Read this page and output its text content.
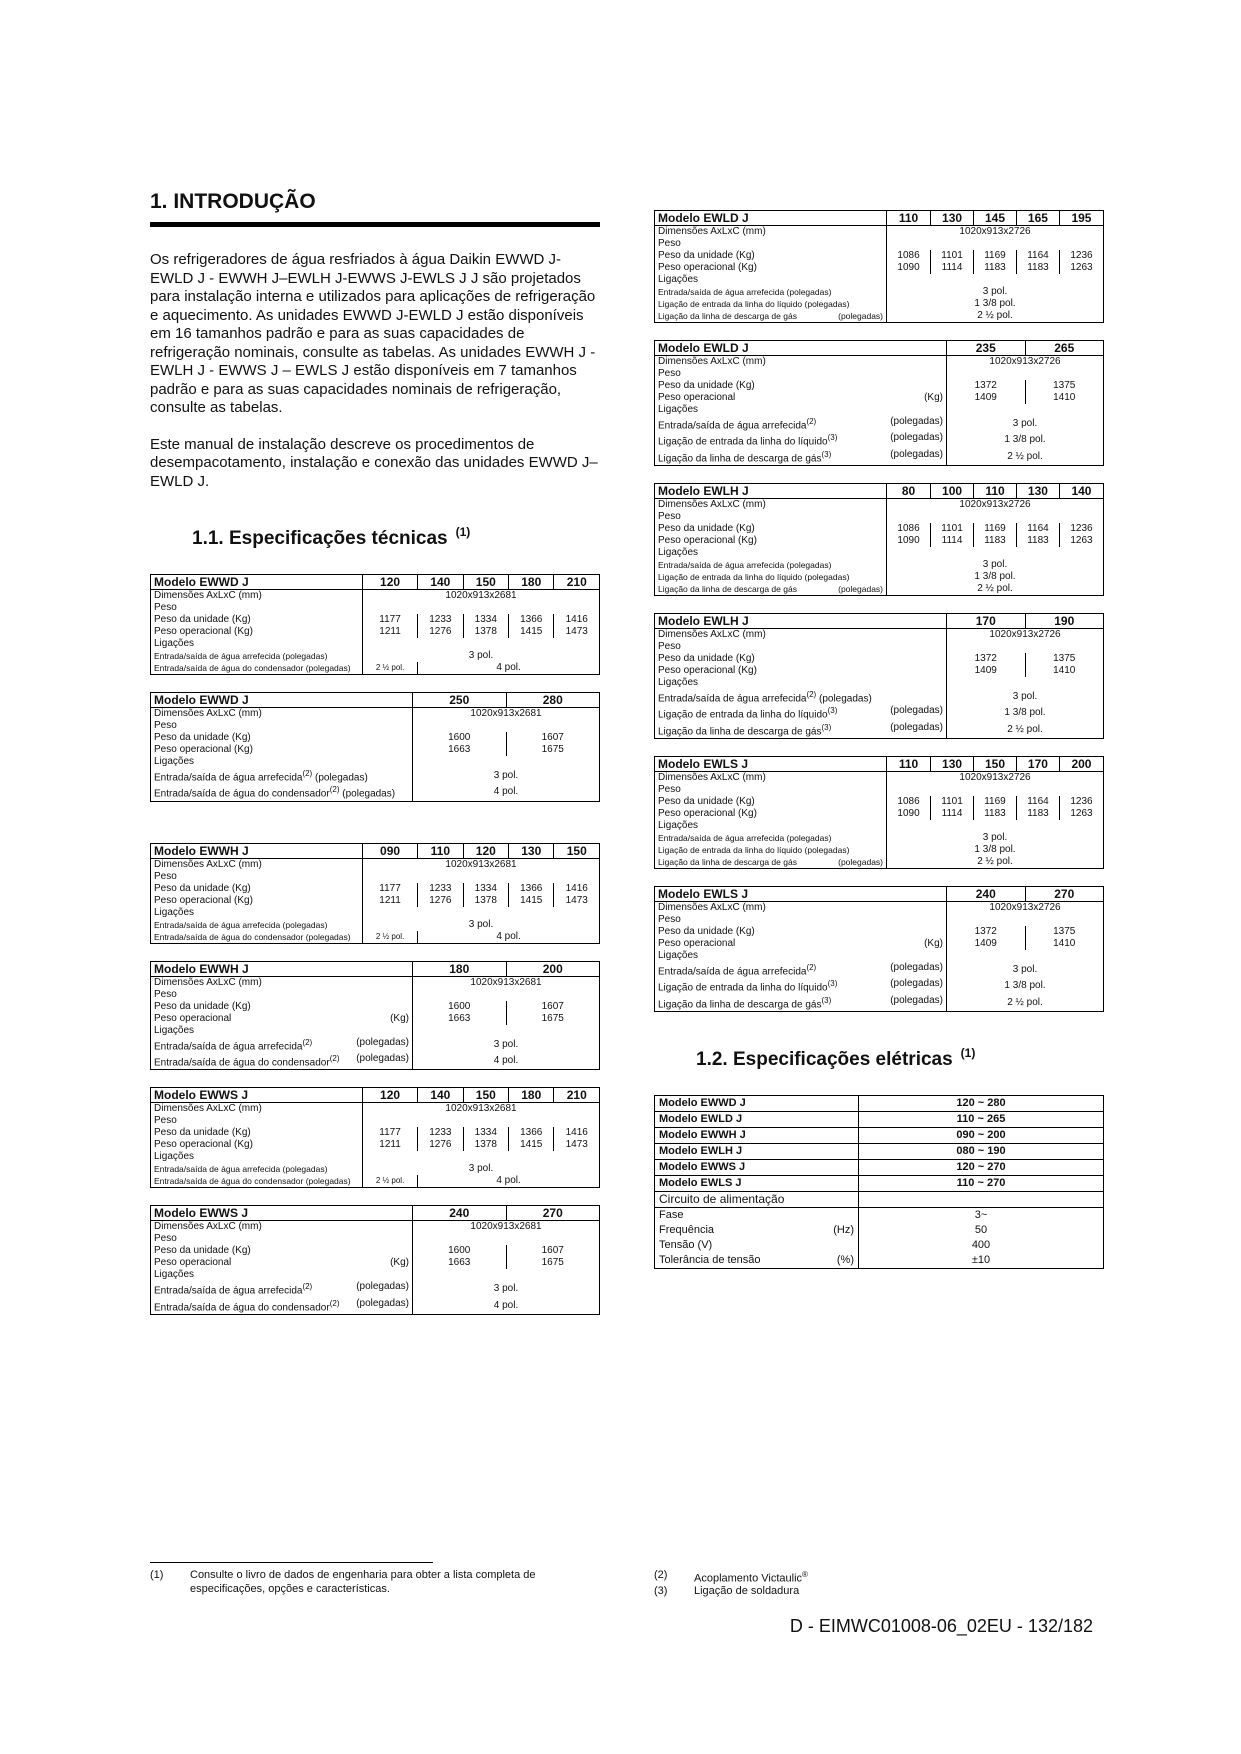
1. INTRODUÇÃO

Os refrigeradores de água resfriados à água Daikin EWWD J-EWLD J - EWWH J–EWLH J-EWWS J-EWLS J J são projetados para instalação interna e utilizados para aplicações de refrigeração e aquecimento. As unidades EWWD J-EWLD J estão disponíveis em 16 tamanhos padrão e para as suas capacidades de refrigeração nominais, consulte as tabelas. As unidades EWWH J - EWLH J - EWWS J – EWLS J estão disponíveis em 7 tamanhos padrão e para as suas capacidades nominais de refrigeração, consulte as tabelas.

Este manual de instalação descreve os procedimentos de desempacotamento, instalação e conexão das unidades EWWD J–EWLD J.

1.1. Especificações técnicas $^{(1)}$
Modelo EWWD J	120	140	150	180	210
Dimensões AxLxC (mm)	1020x913x2681				
Peso					
Peso da unidade (Kg)	1177	1233	1334	1366	1416
Peso operacional (Kg)	1211	1276	1378	1415	1473
Ligações					
Entrada/saída de água arrefecida (polegadas)	3 pol.				
Entrada/saída de água do condensador (polegadas)	2 ½ pol.	4 pol.			
Modelo EWWD J	250	280
Dimensões AxLxC (mm)	1020x913x2681	
Peso		
Peso da unidade (Kg)	1600	1607
Peso operacional (Kg)	1663	1675
Ligações		
Entrada/saída de água arrefecida$^{(2)}$ (polegadas)	3 pol.	
Entrada/saída de água do condensador$^{(2)}$ (polegadas)	4 pol.	
Modelo EWWH J	090	110	120	130	150
Dimensões AxLxC (mm)	1020x913x2681				
Peso					
Peso da unidade (Kg)	1177	1233	1334	1366	1416
Peso operacional (Kg)	1211	1276	1378	1415	1473
Ligações					
Entrada/saída de água arrefecida (polegadas)	3 pol.				
Entrada/saída de água do condensador (polegadas)	2 ½ pol.	4 pol.			
Modelo EWWH J	180	200
Dimensões AxLxC (mm)	1020x913x2681	
Peso		
Peso da unidade (Kg)	1600	1607
Peso operacional (Kg)	1663	1675
Ligações		
Entrada/saída de água arrefecida$^{(2)}$ (polegadas)	3 pol.	
Entrada/saída de água do condensador$^{(2)}$ (polegadas)	4 pol.	
Modelo EWWS J	120	140	150	180	210
Dimensões AxLxC (mm)	1020x913x2681				
Peso					
Peso da unidade (Kg)	1177	1233	1334	1366	1416
Peso operacional (Kg)	1211	1276	1378	1415	1473
Ligações					
Entrada/saída de água arrefecida (polegadas)	3 pol.				
Entrada/saída de água do condensador (polegadas)	2 ½ pol.	4 pol.			
Modelo EWWS J	240	270
Dimensões AxLxC (mm)	1020x913x2681	
Peso		
Peso da unidade (Kg)	1600	1607
Peso operacional (Kg)	1663	1675
Ligações		
Entrada/saída de água arrefecida$^{(2)}$ (polegadas)	3 pol.	
Entrada/saída de água do condensador$^{(2)}$ (polegadas)	4 pol.	
Modelo EWLD J	110	130	145	165	195
Dimensões AxLxC (mm)	1020x913x2726				
Peso					
Peso da unidade (Kg)	1086	1101	1169	1164	1236
Peso operacional (Kg)	1090	1114	1183	1183	1263
Ligações					
Entrada/saída de água arrefecida (polegadas)	3 pol.				
Ligação de entrada da linha do líquido (polegadas)	1 3/8 pol.				
Ligação da linha de descarga de gás (polegadas)	2 ½ pol.				
Modelo EWLD J	235	265
Dimensões AxLxC (mm)	1020x913x2726	
Peso		
Peso da unidade (Kg)	1372	1375
Peso operacional (Kg)	1409	1410
Ligações		
Entrada/saída de água arrefecida$^{(2)}$ (polegadas)	3 pol.	
Ligação de entrada da linha do líquido$^{(3)}$ (polegadas)	1 3/8 pol.	
Ligação da linha de descarga de gás$^{(3)}$ (polegadas)	2 ½ pol.	
Modelo EWLH J	80	100	110	130	140
Dimensões AxLxC (mm)	1020x913x2726				
Peso					
Peso da unidade (Kg)	1086	1101	1169	1164	1236
Peso operacional (Kg)	1090	1114	1183	1183	1263
Ligações					
Entrada/saída de água arrefecida (polegadas)	3 pol.				
Ligação de entrada da linha do líquido (polegadas)	1 3/8 pol.				
Ligação da linha de descarga de gás (polegadas)	2 ½ pol.				
Modelo EWLH J	170	190
Dimensões AxLxC (mm)	1020x913x2726	
Peso		
Peso da unidade (Kg)	1372	1375
Peso operacional (Kg)	1409	1410
Ligações		
Entrada/saída de água arrefecida$^{(2)}$ (polegadas)	3 pol.	
Ligação de entrada da linha do líquido$^{(3)}$ (polegadas)	1 3/8 pol.	
Ligação da linha de descarga de gás$^{(3)}$ (polegadas)	2 ½ pol.	
Modelo EWLS J	110	130	150	170	200
Dimensões AxLxC (mm)	1020x913x2726				
Peso					
Peso da unidade (Kg)	1086	1101	1169	1164	1236
Peso operacional (Kg)	1090	1114	1183	1183	1263
Ligações					
Entrada/saída de água arrefecida (polegadas)	3 pol.				
Ligação de entrada da linha do líquido (polegadas)	1 3/8 pol.				
Ligação da linha de descarga de gás (polegadas)	2 ½ pol.				
Modelo EWLS J	240	270
Dimensões AxLxC (mm)	1020x913x2726	
Peso		
Peso da unidade (Kg)	1372	1375
Peso operacional (Kg)	1409	1410
Ligações		
Entrada/saída de água arrefecida$^{(2)}$ (polegadas)	3 pol.	
Ligação de entrada da linha do líquido$^{(3)}$ (polegadas)	1 3/8 pol.	
Ligação da linha de descarga de gás$^{(3)}$ (polegadas)	2 ½ pol.	
1.2. Especificações elétricas $^{(1)}$
Modelo EWWD J	120 ~ 280
Modelo EWLD J	110 ~ 265
Modelo EWWH J	090 ~ 200
Modelo EWLH J	080 ~ 190
Modelo EWWS J	120 ~ 270
Modelo EWLS J	110 ~ 270
Circuito de alimentação	
Fase	3~
Frequência (Hz)	50
Tensão (V)	400
Tolerância de tensão (%)	±10
(1) Consulte o livro de dados de engenharia para obter a lista completa de
especificações, opções e características.
(2) Acoplamento Victaulic®
(3) Ligação de soldadura
D - EIMWC01008-06_02EU - 132/182
